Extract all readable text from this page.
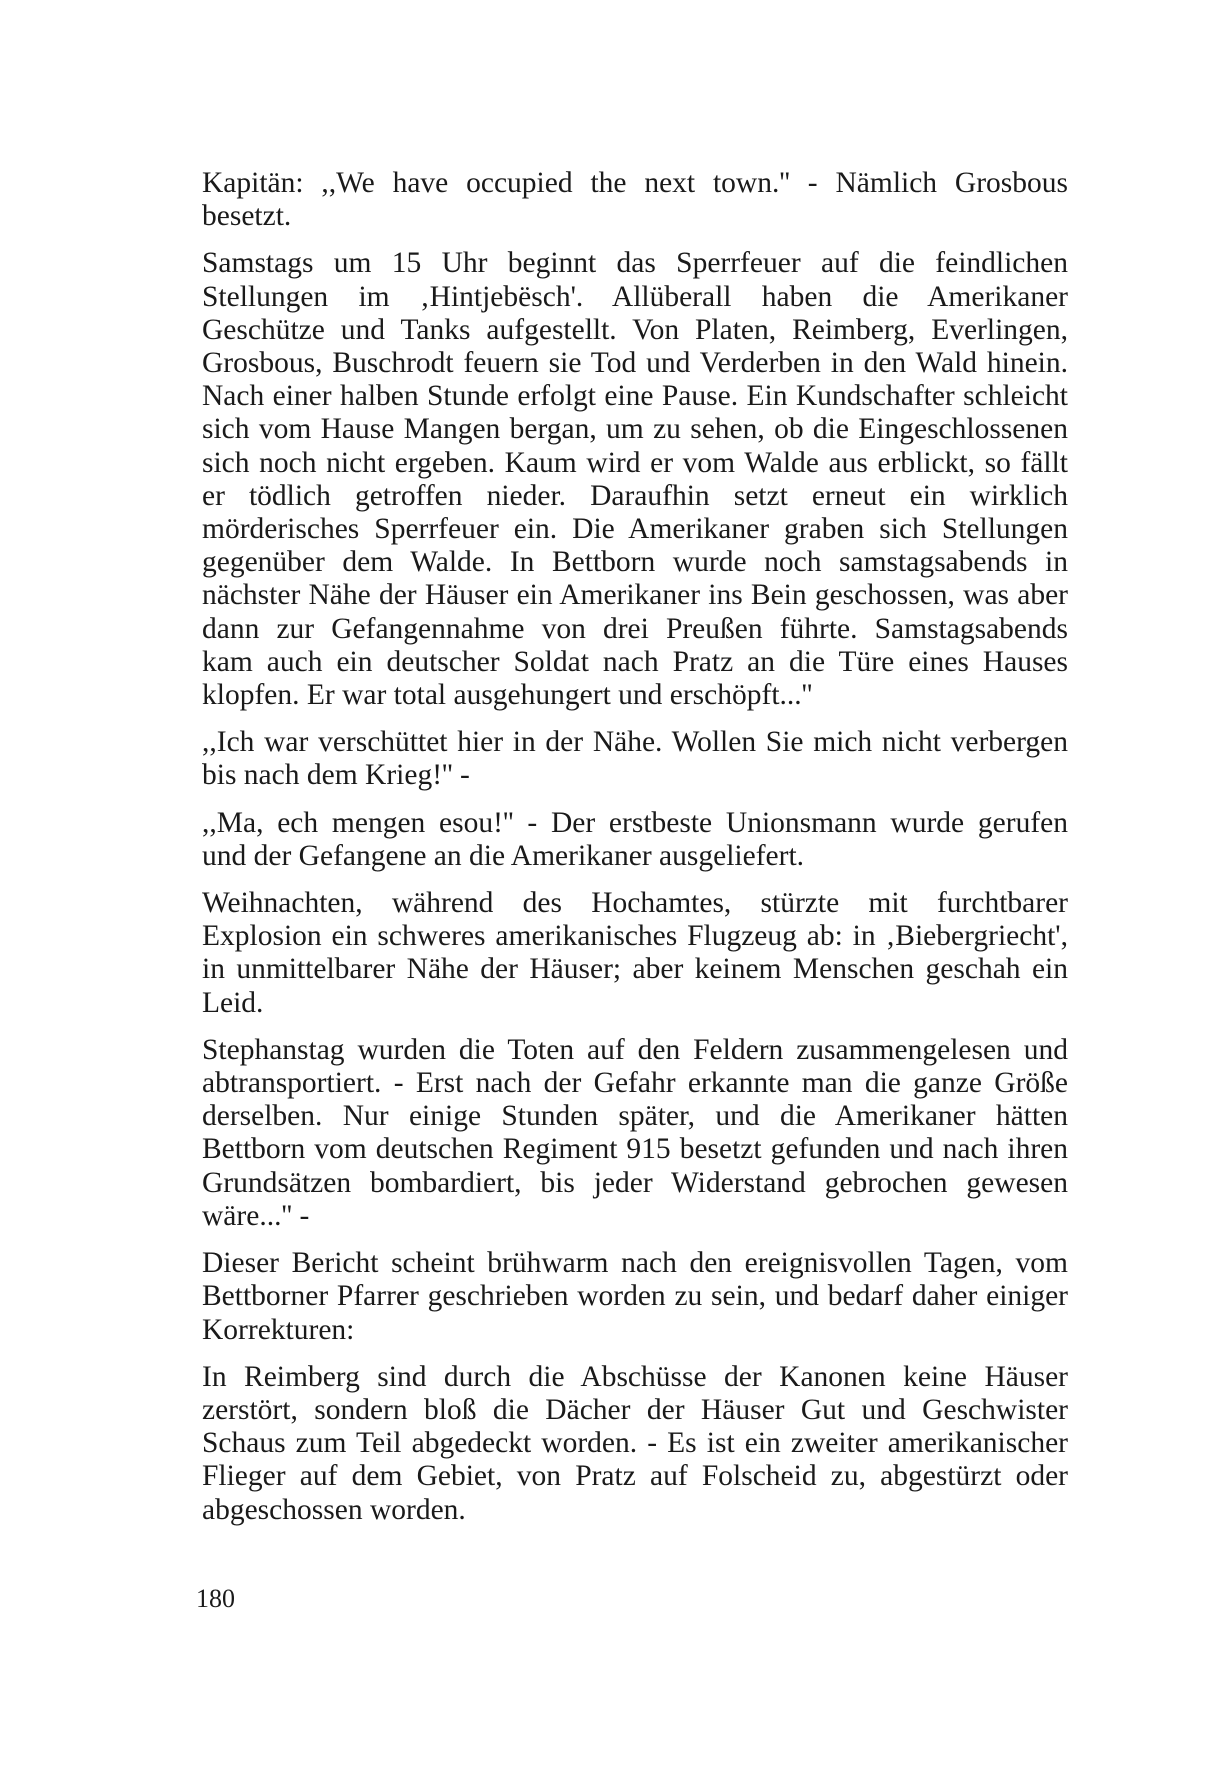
Kapitän: ,,We have occupied the next town.'' - Nämlich Grosbous
besetzt.

Samstags um 15 Uhr beginnt das Sperrfeuer auf die feindlichen
Stellungen im ‚Hintjebësch'. Allüberall haben die Amerikaner
Geschütze und Tanks aufgestellt. Von Platen, Reimberg, Everlingen,
Grosbous, Buschrodt feuern sie Tod und Verderben in den Wald hinein.
Nach einer halben Stunde erfolgt eine Pause. Ein Kundschafter schleicht
sich vom Hause Mangen bergan, um zu sehen, ob die Eingeschlossenen
sich noch nicht ergeben. Kaum wird er vom Walde aus erblickt, so fällt
er tödlich getroffen nieder. Daraufhin setzt erneut ein wirklich
mörderisches Sperrfeuer ein. Die Amerikaner graben sich Stellungen
gegenüber dem Walde. In Bettborn wurde noch samstagsabends in
nächster Nähe der Häuser ein Amerikaner ins Bein geschossen, was aber
dann zur Gefangennahme von drei Preußen führte. Samstagsabends
kam auch ein deutscher Soldat nach Pratz an die Türe eines Hauses
klopfen. Er war total ausgehungert und erschöpft...''

,,Ich war verschüttet hier in der Nähe. Wollen Sie mich nicht verbergen
bis nach dem Krieg!'' -

,,Ma, ech mengen esou!'' - Der erstbeste Unionsmann wurde gerufen
und der Gefangene an die Amerikaner ausgeliefert.

Weihnachten, während des Hochamtes, stürzte mit furchtbarer
Explosion ein schweres amerikanisches Flugzeug ab: in ‚Biebergriecht',
in unmittelbarer Nähe der Häuser; aber keinem Menschen geschah ein
Leid.

Stephanstag wurden die Toten auf den Feldern zusammengelesen und
abtransportiert. - Erst nach der Gefahr erkannte man die ganze Größe
derselben. Nur einige Stunden später, und die Amerikaner hätten
Bettborn vom deutschen Regiment 915 besetzt gefunden und nach ihren
Grundsätzen bombardiert, bis jeder Widerstand gebrochen gewesen
wäre...'' -

Dieser Bericht scheint brühwarm nach den ereignisvollen Tagen, vom
Bettborner Pfarrer geschrieben worden zu sein, und bedarf daher einiger
Korrekturen:

In Reimberg sind durch die Abschüsse der Kanonen keine Häuser
zerstört, sondern bloß die Dächer der Häuser Gut und Geschwister
Schaus zum Teil abgedeckt worden. - Es ist ein zweiter amerikanischer
Flieger auf dem Gebiet, von Pratz auf Folscheid zu, abgestürzt oder
abgeschossen worden.

180
